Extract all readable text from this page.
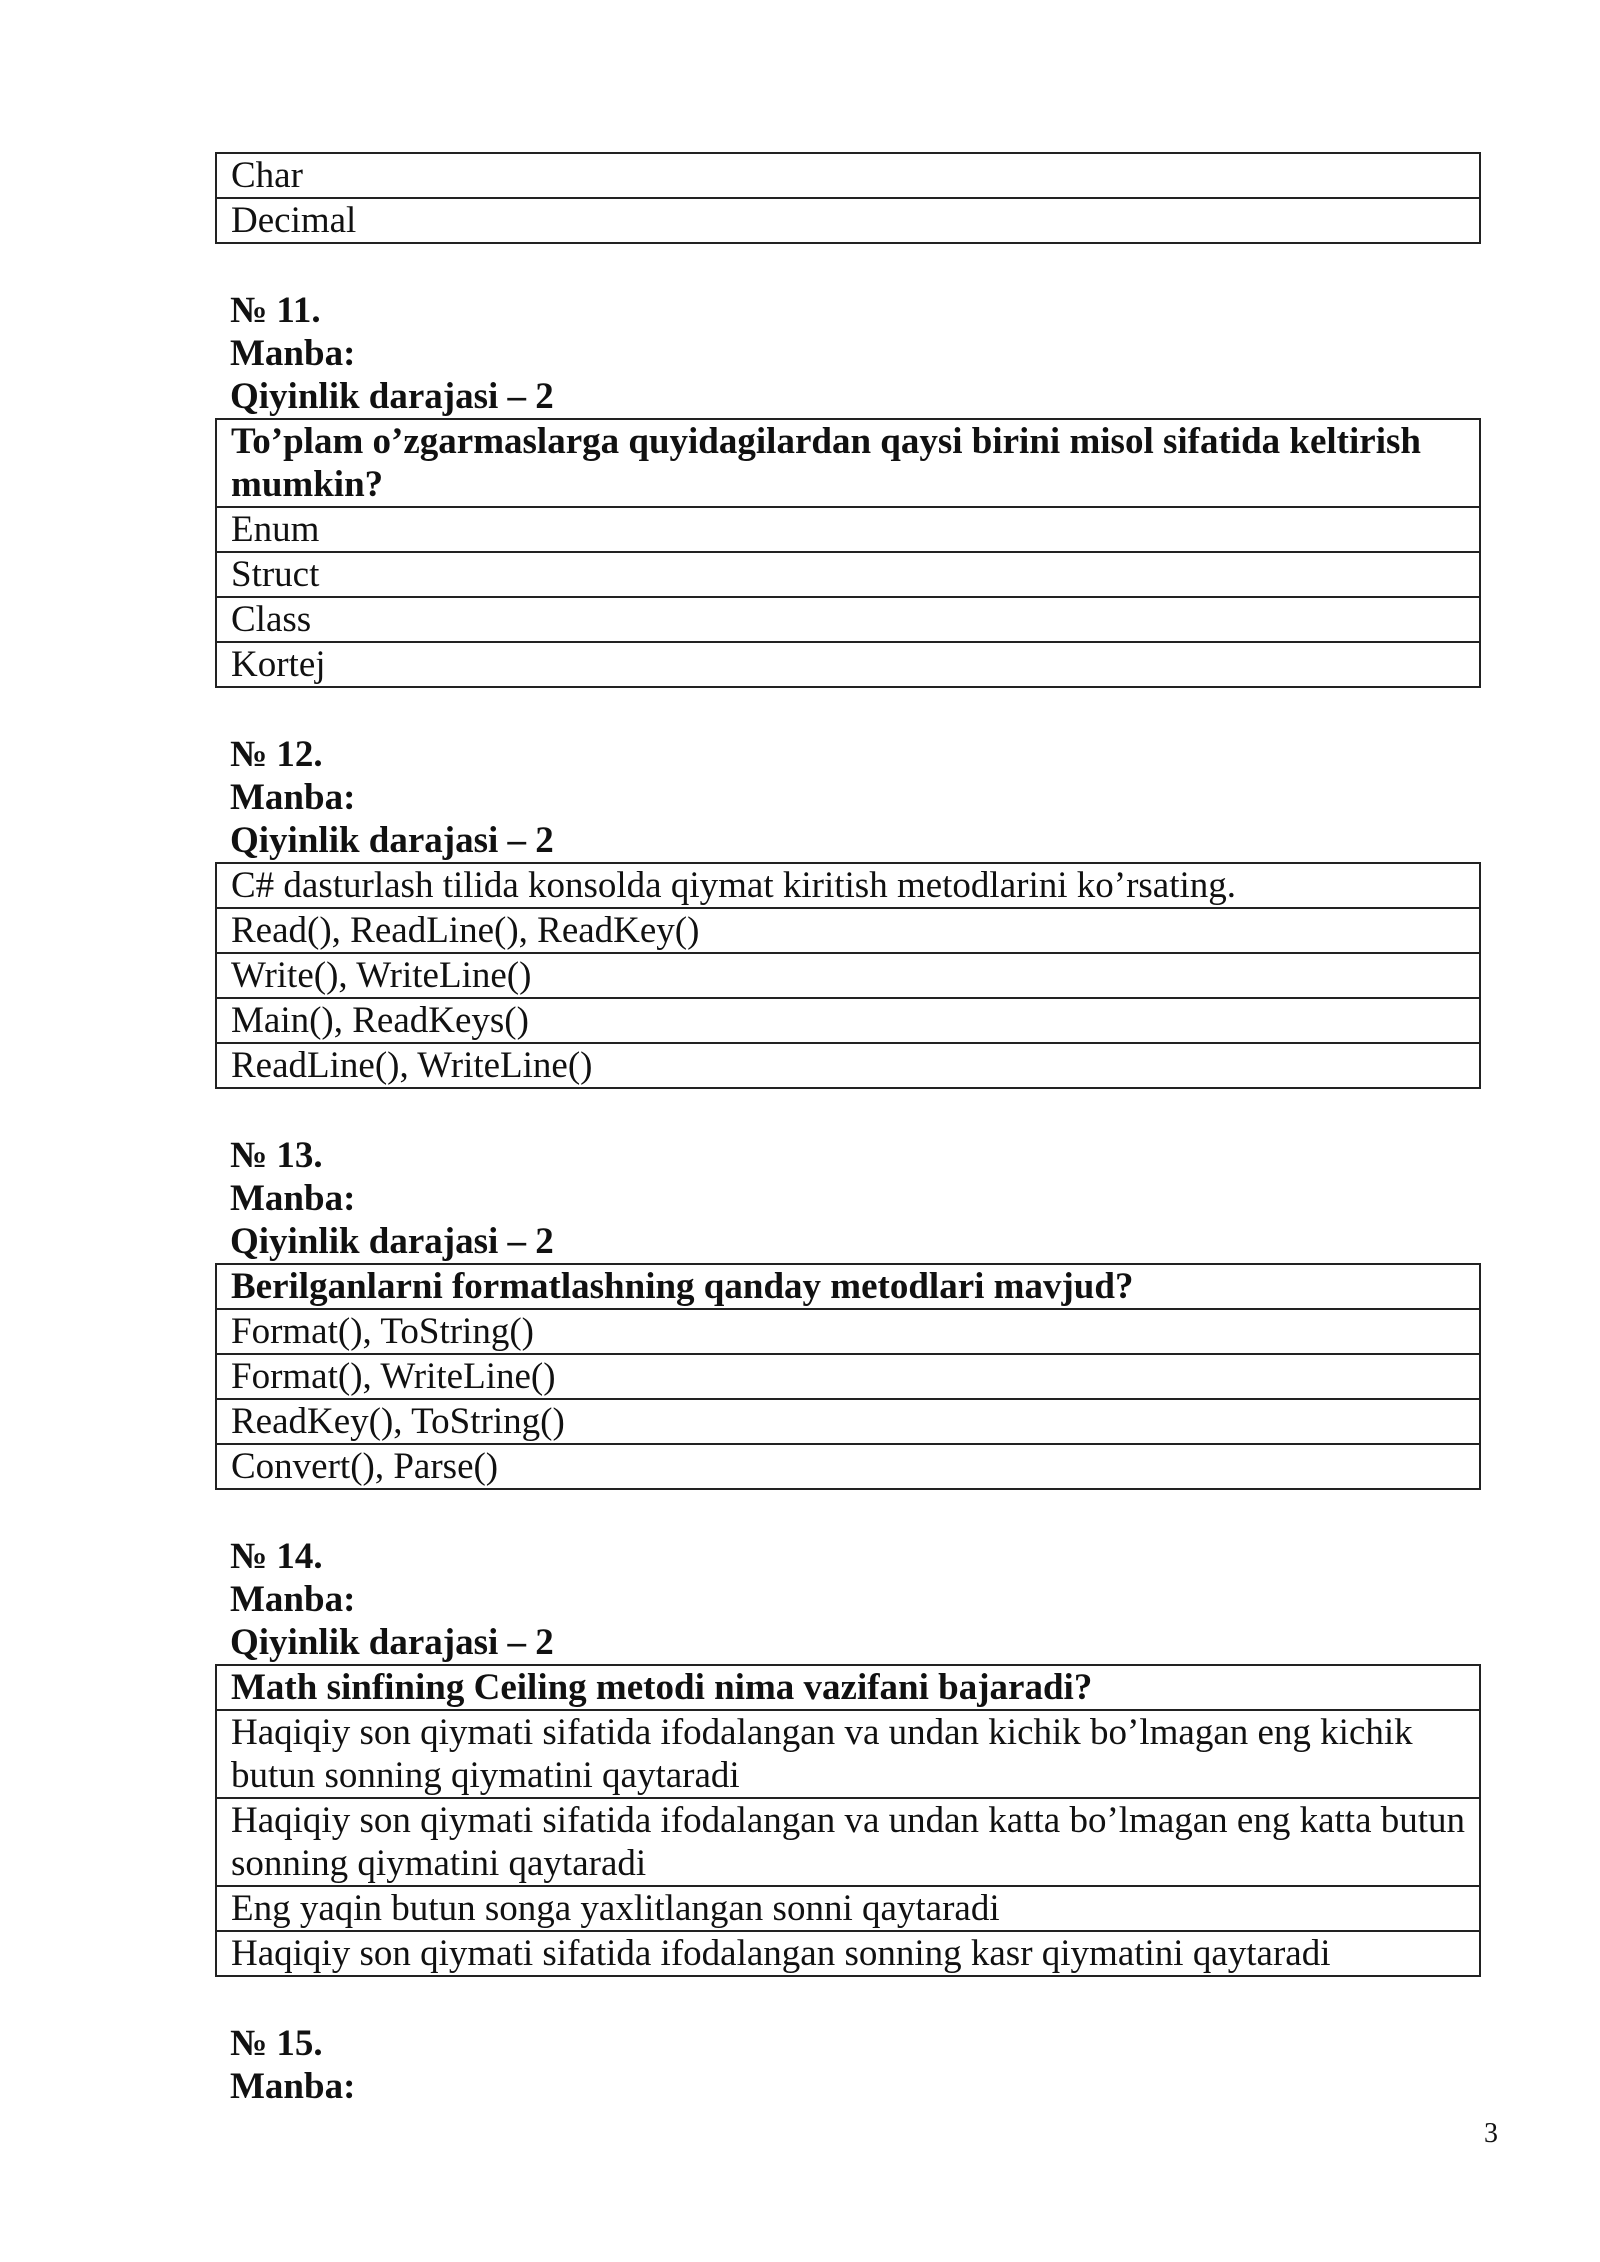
Char
Decimal
№ 11.
Manba:
Qiyinlik darajasi – 2
To’plam o’zgarmaslarga quyidagilardan qaysi birini misol sifatida keltirish mumkin?
Enum
Struct
Class
Kortej
№ 12.
Manba:
Qiyinlik darajasi – 2
C# dasturlash tilida konsolda qiymat kiritish metodlarini ko’rsating.
Read(), ReadLine(), ReadKey()
Write(), WriteLine()
Main(), ReadKeys()
ReadLine(), WriteLine()
№ 13.
Manba:
Qiyinlik darajasi – 2
Berilganlarni formatlashning qanday metodlari mavjud?
Format(), ToString()
Format(), WriteLine()
ReadKey(), ToString()
Convert(), Parse()
№ 14.
Manba:
Qiyinlik darajasi – 2
Math sinfining Ceiling metodi nima vazifani bajaradi?
Haqiqiy son qiymati sifatida ifodalangan va undan kichik bo’lmagan eng kichik butun sonning qiymatini qaytaradi
Haqiqiy son qiymati sifatida ifodalangan va undan katta bo’lmagan eng katta butun sonning qiymatini qaytaradi
Eng yaqin butun songa yaxlitlangan sonni qaytaradi
Haqiqiy son qiymati sifatida ifodalangan sonning kasr qiymatini qaytaradi
№ 15.
Manba:
3
